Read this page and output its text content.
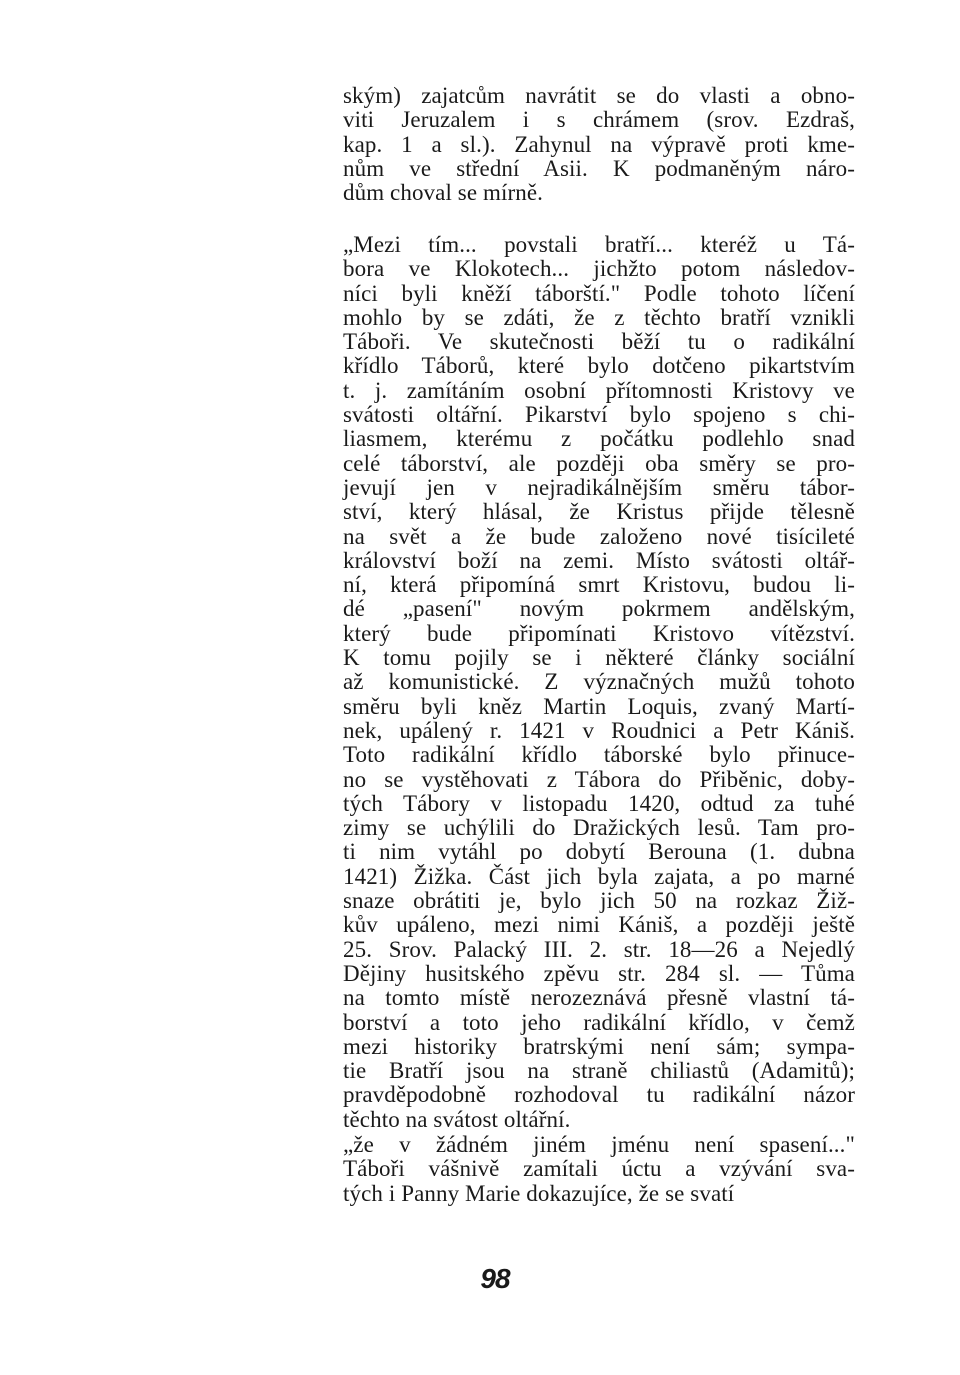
ským) zajatcům navrátit se do vlasti a obno-
viti Jeruzalem i s chrámem (srov. Ezdraš,
kap. 1 a sl.). Zahynul na výpravě proti kme-
nům ve střední Asii. K podmaněným náro-
dům choval se mírně.
„Mezi tím... povstali bratří... kteréž u Tá-
bora ve Klokotech... jichžto potom následov-
níci byli kněží táborští." Podle tohoto líčení
mohlo by se zdáti, že z těchto bratří vznikli
Táboři. Ve skutečnosti běží tu o radikální
křídlo Táborů, které bylo dotčeno pikartstvím
t. j. zamítáním osobní přítomnosti Kristovy ve
svátosti oltářní. Pikarství bylo spojeno s chi-
liasmem, kterému z počátku podlehlo snad
celé táborství, ale později oba směry se pro-
jevují jen v nejradikálnějším směru tábor-
ství, který hlásal, že Kristus přijde tělesně
na svět a že bude založeno nové tisícileté
království boží na zemi. Místo svátosti oltář-
ní, která připomíná smrt Kristovu, budou li-
dé „pasení" novým pokrmem andělským,
který bude připomínati Kristovo vítězství.
K tomu pojily se i některé články sociální
až komunistické. Z význačných mužů tohoto
směru byli kněz Martin Loquis, zvaný Martí-
nek, upálený r. 1421 v Roudnici a Petr Kániš.
Toto radikální křídlo táborské bylo přinuce-
no se vystěhovati z Tábora do Přiběnic, doby-
tých Tábory v listopadu 1420, odtud za tuhé
zimy se uchýlili do Dražických lesů. Tam pro-
ti nim vytáhl po dobytí Berouna (1. dubna
1421) Žižka. Část jich byla zajata, a po marné
snaze obrátiti je, bylo jich 50 na rozkaz Žiž-
kův upáleno, mezi nimi Kániš, a později ještě
25. Srov. Palacký III. 2. str. 18—26 a Nejedlý
Dějiny husitského zpěvu str. 284 sl. — Tůma
na tomto místě nerozeznává přesně vlastní tá-
borství a toto jeho radikální křídlo, v čemž
mezi historiky bratrskými není sám; sympa-
tie Bratří jsou na straně chiliastů (Adamitů);
pravděpodobně rozhodoval tu radikální názor
těchto na svátost oltářní.
„že v žádném jiném jménu není spasení..."
Táboři vášnivě zamítali úctu a vzývání sva-
tých i Panny Marie dokazujíce, že se svatí
98
